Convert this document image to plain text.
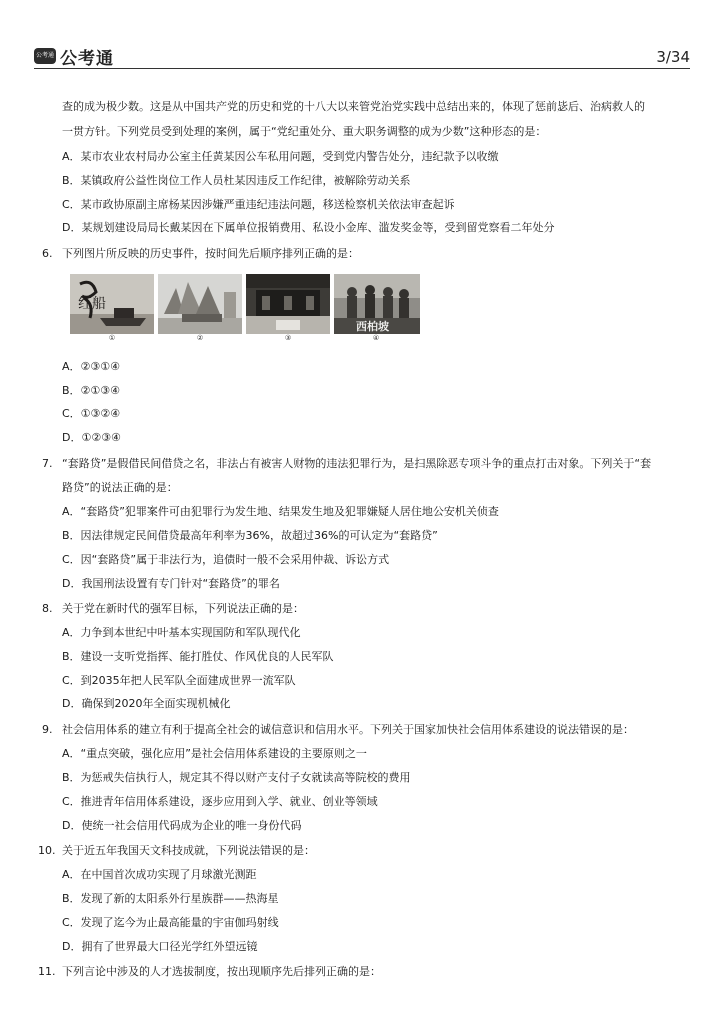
公考通 公考通	3/34
查的成为极少数。这是从中国共产党的历史和党的十八大以来管党治党实践中总结出来的，体现了惩前毖后、治病救人的
一贯方针。下列党员受到处理的案例，属于“党纪重处分、重大职务调整的成为少数”这种形态的是：
A．某市农业农村局办公室主任黄某因公车私用问题，受到党内警告处分，违纪款予以收缴
B．某镇政府公益性岗位工作人员杜某因违反工作纪律，被解除劳动关系
C．某市政协原副主席杨某因涉嫌严重违纪违法问题，移送检察机关依法审查起诉
D．某规划建设局局长戴某因在下属单位报销费用、私设小金库、滥发奖金等，受到留党察看二年处分
6. 下列图片所反映的历史事件，按时间先后顺序排列正确的是：
红船
①	②	③
西柏坡
④
A．②③①④
B．②①③④
C．①③②④
D．①②③④
7. “套路贷”是假借民间借贷之名，非法占有被害人财物的违法犯罪行为，是扫黑除恶专项斗争的重点打击对象。下列关于“套
路贷”的说法正确的是：
A．“套路贷”犯罪案件可由犯罪行为发生地、结果发生地及犯罪嫌疑人居住地公安机关侦查
B．因法律规定民间借贷最高年利率为36%，故超过36%的可认定为“套路贷”
C．因“套路贷”属于非法行为，追债时一般不会采用仲裁、诉讼方式
D．我国刑法设置有专门针对“套路贷”的罪名
8. 关于党在新时代的强军目标，下列说法正确的是：
A．力争到本世纪中叶基本实现国防和军队现代化
B．建设一支听党指挥、能打胜仗、作风优良的人民军队
C．到2035年把人民军队全面建成世界一流军队
D．确保到2020年全面实现机械化
9. 社会信用体系的建立有利于提高全社会的诚信意识和信用水平。下列关于国家加快社会信用体系建设的说法错误的是：
A．“重点突破，强化应用”是社会信用体系建设的主要原则之一
B．为惩戒失信执行人，规定其不得以财产支付子女就读高等院校的费用
C．推进青年信用体系建设，逐步应用到入学、就业、创业等领域
D．使统一社会信用代码成为企业的唯一身份代码
10. 关于近五年我国天文科技成就，下列说法错误的是：
A．在中国首次成功实现了月球激光测距
B．发现了新的太阳系外行星族群——热海星
C．发现了迄今为止最高能量的宇宙伽玛射线
D．拥有了世界最大口径光学红外望远镜
11. 下列言论中涉及的人才选拔制度，按出现顺序先后排列正确的是：
